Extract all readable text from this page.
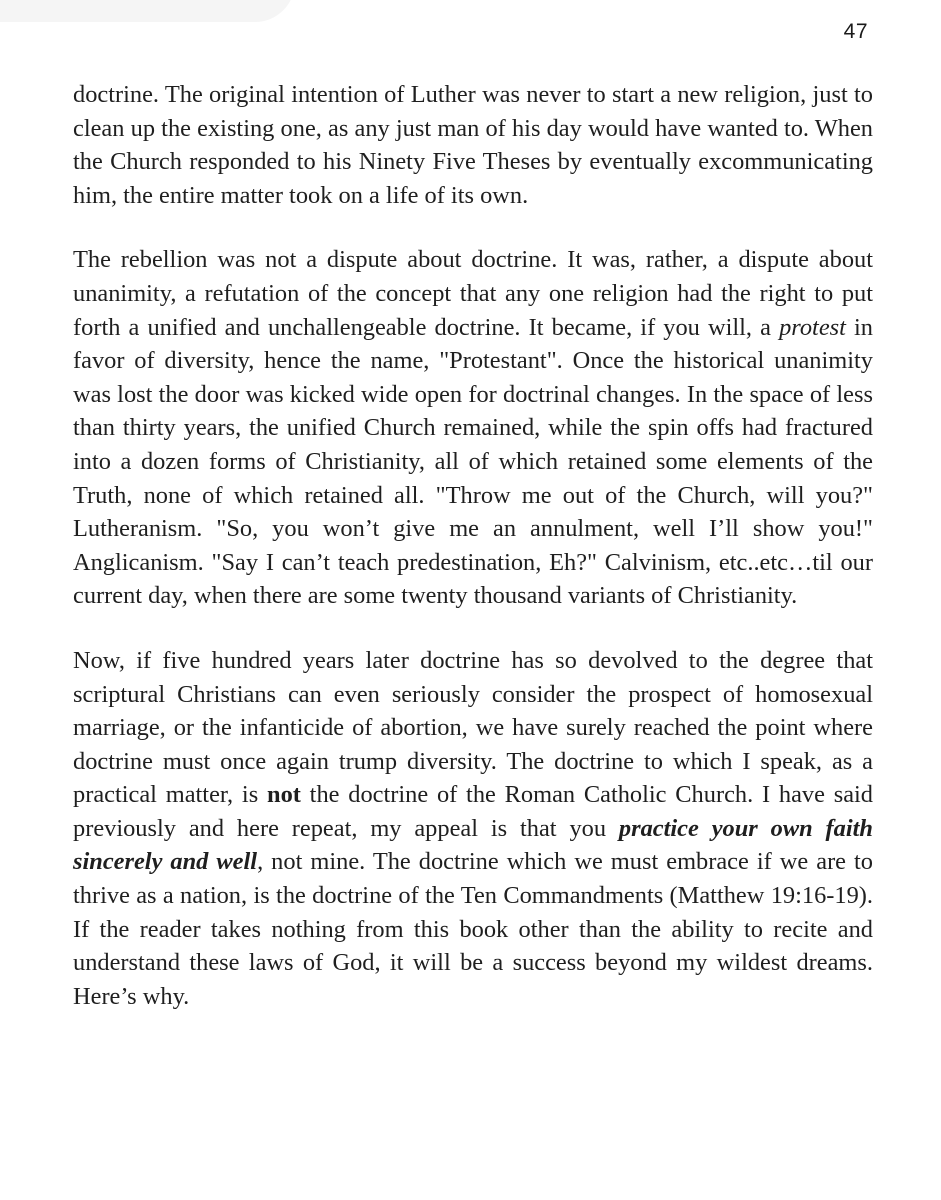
47

doctrine. The original intention of Luther was never to start a new religion, just to clean up the existing one, as any just man of his day would have wanted to. When the Church responded to his Ninety Five Theses by eventually excommunicating him, the entire matter took on a life of its own.

The rebellion was not a dispute about doctrine. It was, rather, a dispute about unanimity, a refutation of the concept that any one religion had the right to put forth a unified and unchallengeable doctrine. It became, if you will, a protest in favor of diversity, hence the name, "Protestant". Once the historical unanimity was lost the door was kicked wide open for doctrinal changes. In the space of less than thirty years, the unified Church remained, while the spin offs had fractured into a dozen forms of Christianity, all of which retained some elements of the Truth, none of which retained all. "Throw me out of the Church, will you?" Lutheranism. "So, you won’t give me an annulment, well I’ll show you!" Anglicanism. "Say I can’t teach predestination, Eh?" Calvinism, etc..etc…til our current day, when there are some twenty thousand variants of Christianity.

Now, if five hundred years later doctrine has so devolved to the degree that scriptural Christians can even seriously consider the prospect of homosexual marriage, or the infanticide of abortion, we have surely reached the point where doctrine must once again trump diversity. The doctrine to which I speak, as a practical matter, is not the doctrine of the Roman Catholic Church. I have said previously and here repeat, my appeal is that you practice your own faith sincerely and well, not mine. The doctrine which we must embrace if we are to thrive as a nation, is the doctrine of the Ten Commandments (Matthew 19:16-19). If the reader takes nothing from this book other than the ability to recite and understand these laws of God, it will be a success beyond my wildest dreams. Here’s why.
